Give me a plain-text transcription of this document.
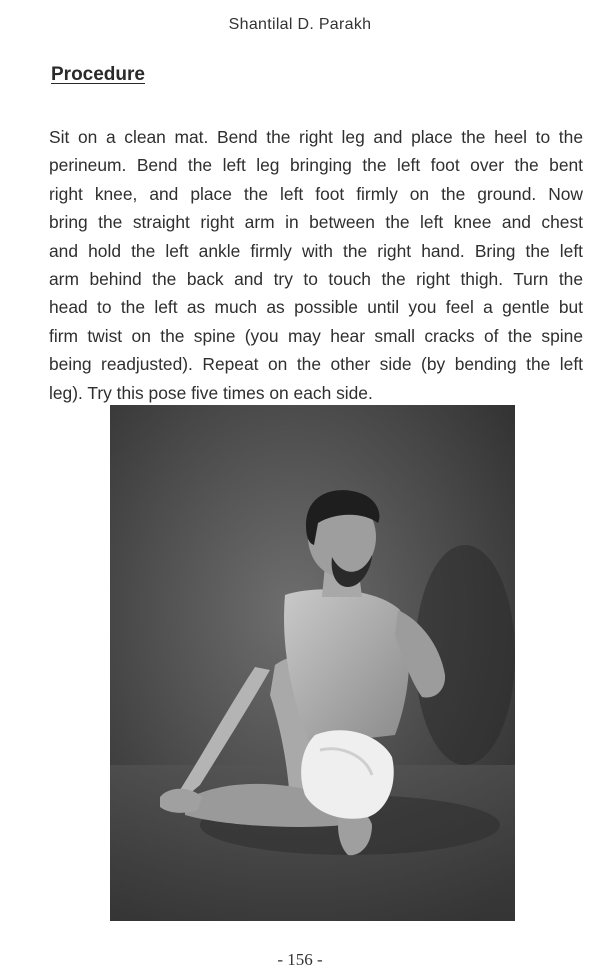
Shantilal D. Parakh
Procedure
Sit on a clean mat. Bend the right leg and place the heel to the
perineum. Bend the left leg bringing the left foot over the bent
right knee, and place the left foot firmly on the ground. Now
bring the straight right arm in between the left knee and chest
and hold the left ankle firmly with the right hand. Bring the left
arm behind the back and try to touch the right thigh. Turn the
head to the left as much as possible until you feel a gentle but
firm twist on the spine (you may hear small cracks of the spine
being readjusted). Repeat on the other side (by bending the left
leg). Try this pose five times on each side.
- 156 -
